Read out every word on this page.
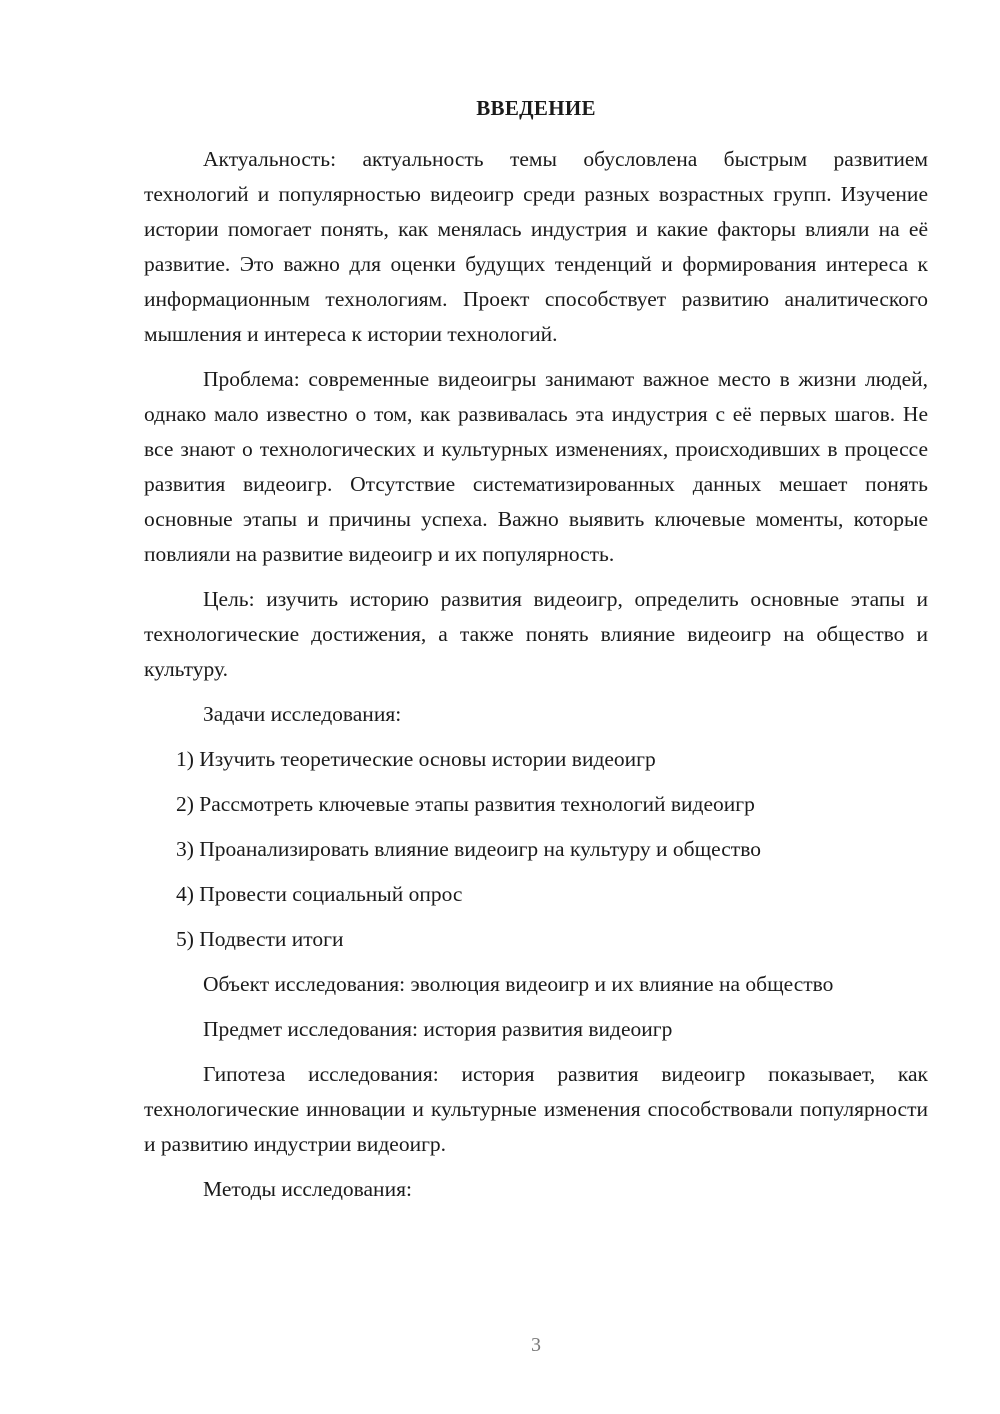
ВВЕДЕНИЕ

Актуальность: актуальность темы обусловлена быстрым развитием технологий и популярностью видеоигр среди разных возрастных групп. Изучение истории помогает понять, как менялась индустрия и какие факторы влияли на её развитие. Это важно для оценки будущих тенденций и формирования интереса к информационным технологиям. Проект способствует развитию аналитического мышления и интереса к истории технологий.

Проблема: современные видеоигры занимают важное место в жизни людей, однако мало известно о том, как развивалась эта индустрия с её первых шагов. Не все знают о технологических и культурных изменениях, происходивших в процессе развития видеоигр. Отсутствие систематизированных данных мешает понять основные этапы и причины успеха. Важно выявить ключевые моменты, которые повлияли на развитие видеоигр и их популярность.

Цель: изучить историю развития видеоигр, определить основные этапы и технологические достижения, а также понять влияние видеоигр на общество и культуру.

Задачи исследования:

1) Изучить теоретические основы истории видеоигр
2) Рассмотреть ключевые этапы развития технологий видеоигр
3) Проанализировать влияние видеоигр на культуру и общество
4) Провести социальный опрос
5) Подвести итоги

Объект исследования: эволюция видеоигр и их влияние на общество

Предмет исследования: история развития видеоигр

Гипотеза исследования: история развития видеоигр показывает, как технологические инновации и культурные изменения способствовали популярности и развитию индустрии видеоигр.

Методы исследования:

3
